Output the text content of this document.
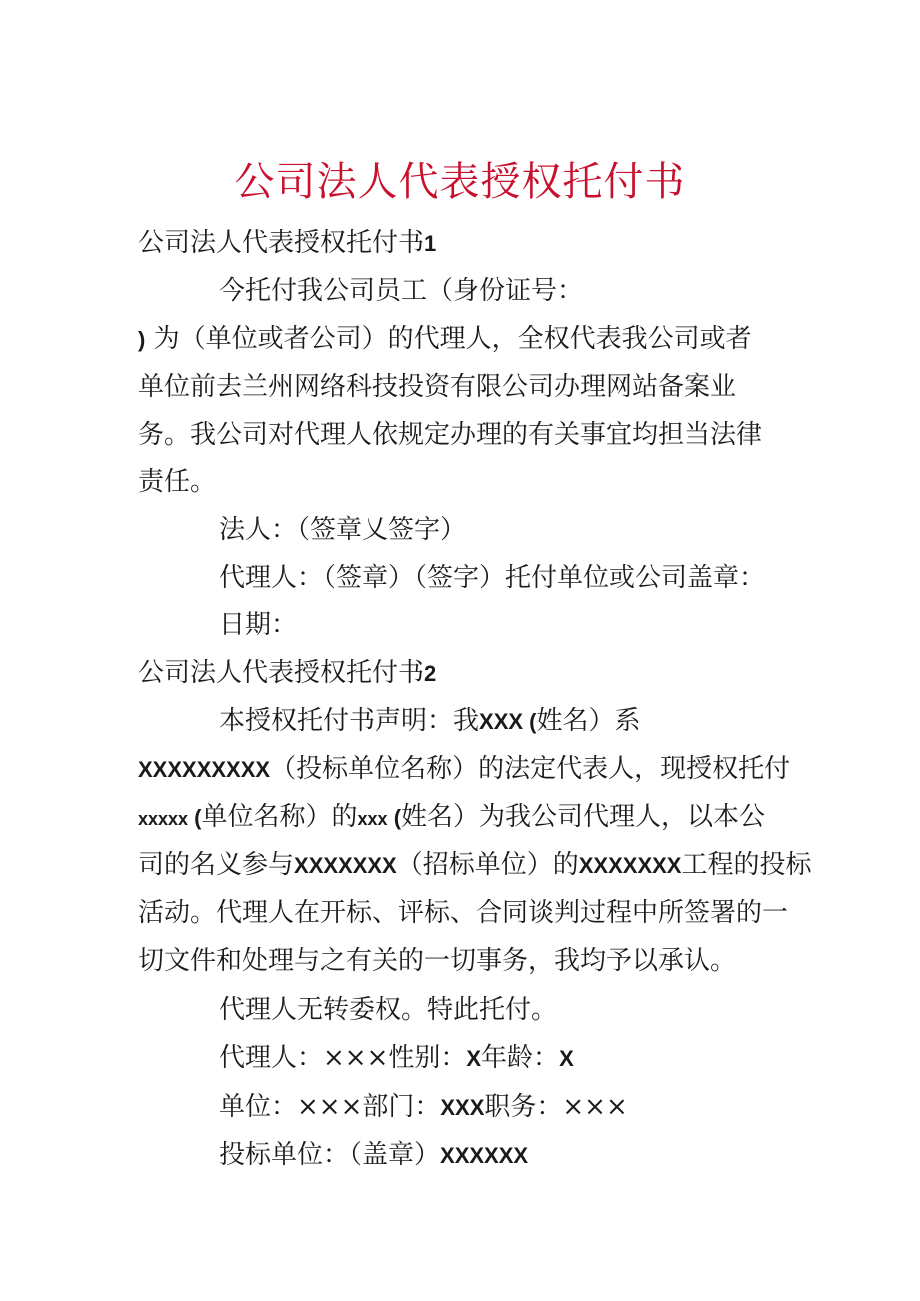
公司法人代表授权托付书
公司法人代表授权托付书1
今托付我公司员工（身份证号：
) 为（单位或者公司）的代理人，全权代表我公司或者
单位前去兰州网络科技投资有限公司办理网站备案业
务。我公司对代理人依规定办理的有关事宜均担当法律
责任。
法人：（签章乂签字）
代理人：（签章）（签字）托付单位或公司盖章：
日期：
公司法人代表授权托付书2
本授权托付书声明：我XXX (姓名）系
XXXXXXXXX（投标单位名称）的法定代表人，现授权托付
xxxxx (单位名称）的xxx (姓名）为我公司代理人，以本公
司的名义参与XXXXXXX（招标单位）的XXXXXXX工程的投标
活动。代理人在开标、评标、合同谈判过程中所签署的一
切文件和处理与之有关的一切事务，我均予以承认。
代理人无转委权。特此托付。
代理人：×××性别：X年龄：X
单位：×××部门：XXX职务：×××
投标单位：（盖章）XXXXXX
